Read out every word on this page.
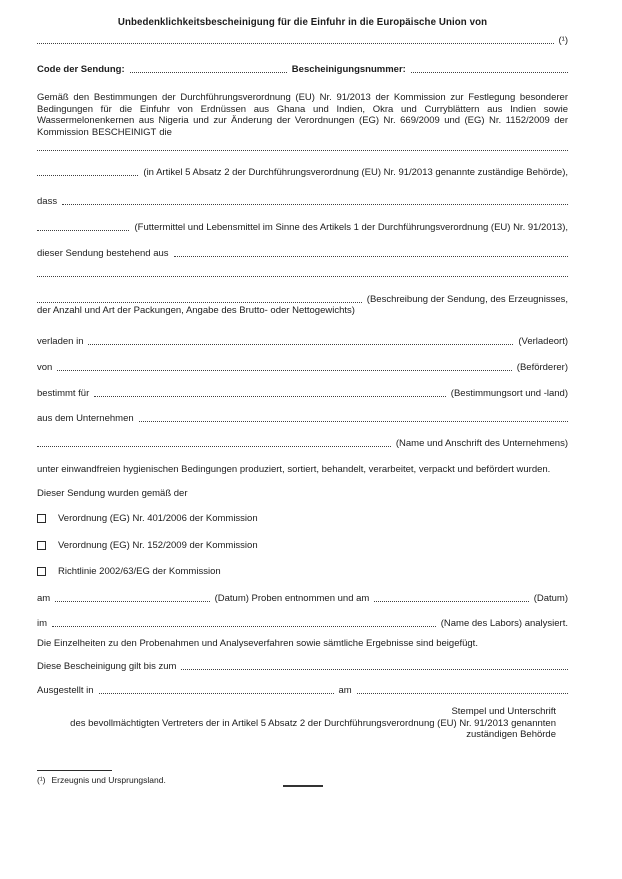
Unbedenklichkeitsbescheinigung für die Einfuhr in die Europäische Union von
(¹)
Code der Sendung:	Bescheinigungsnummer:
Gemäß den Bestimmungen der Durchführungsverordnung (EU) Nr. 91/2013 der Kommission zur Festlegung besonderer Bedingungen für die Einfuhr von Erdnüssen aus Ghana und Indien, Okra und Curryblättern aus Indien sowie Wassermelonenkernen aus Nigeria und zur Änderung der Verordnungen (EG) Nr. 669/2009 und (EG) Nr. 1152/2009 der Kommission BESCHEINIGT die
(in Artikel 5 Absatz 2 der Durchführungsverordnung (EU) Nr. 91/2013 genannte zuständige Behörde),
dass
(Futtermittel und Lebensmittel im Sinne des Artikels 1 der Durchführungsverordnung (EU) Nr. 91/2013),
dieser Sendung bestehend aus
(Beschreibung der Sendung, des Erzeugnisses,
der Anzahl und Art der Packungen, Angabe des Brutto- oder Nettogewichts)
verladen in	(Verladeort)
von	(Beförderer)
bestimmt für	(Bestimmungsort und -land)
aus dem Unternehmen
(Name und Anschrift des Unternehmens)
unter einwandfreien hygienischen Bedingungen produziert, sortiert, behandelt, verarbeitet, verpackt und befördert wurden.
Dieser Sendung wurden gemäß der
Verordnung (EG) Nr. 401/2006 der Kommission
Verordnung (EG) Nr. 152/2009 der Kommission
Richtlinie 2002/63/EG der Kommission
am	(Datum) Proben entnommen und am	(Datum)
im	(Name des Labors) analysiert.
Die Einzelheiten zu den Probenahmen und Analyseverfahren sowie sämtliche Ergebnisse sind beigefügt.
Diese Bescheinigung gilt bis zum
Ausgestellt in	am
Stempel und Unterschrift
des bevollmächtigten Vertreters der in Artikel 5 Absatz 2 der Durchführungsverordnung (EU) Nr. 91/2013 genannten
zuständigen Behörde
(¹) Erzeugnis und Ursprungsland.
